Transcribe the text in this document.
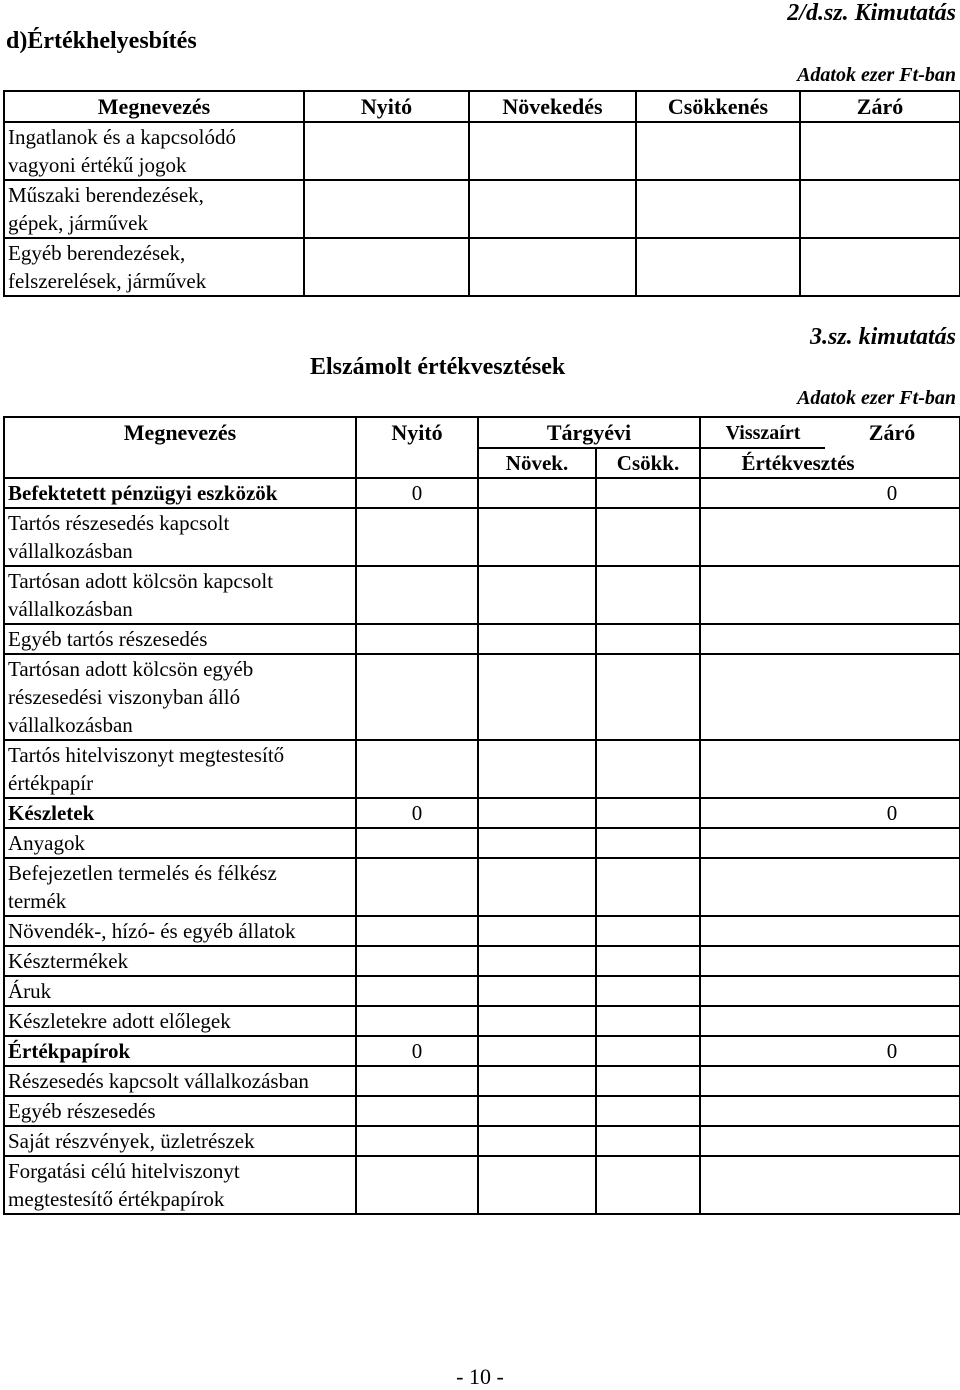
d)Értékhelyesbítés
2/d.sz. Kimutatás
Adatok ezer Ft-ban
Megnevezés	Nyitó	Növekedés	Csökkenés	Záró
Ingatlanok és a kapcsolódó
vagyoni értékű jogok				
Műszaki berendezések,
gépek, járművek				
Egyéb berendezések,
felszerelések, járművek				
3.sz. kimutatás
Elszámolt értékvesztések
Adatok ezer Ft-ban
Megnevezés	Nyitó	Tárgyévi		Visszaírt	Záró
		Növek.	Csökk.	Értékvesztés	
Befektetett pénzügyi eszközök	0				0
Tartós részesedés kapcsolt
vállalkozásban					
Tartósan adott kölcsön kapcsolt
vállalkozásban					
Egyéb tartós részesedés					
Tartósan adott kölcsön egyéb
részesedési viszonyban álló
vállalkozásban					
Tartós hitelviszonyt megtestesítő
értékpapír					
Készletek	0				0
Anyagok					
Befejezetlen termelés és félkész
termék					
Növendék-, hízó- és egyéb állatok					
Késztermékek					
Áruk					
Készletekre adott előlegek					
Értékpapírok	0				0
Részesedés kapcsolt vállalkozásban					
Egyéb részesedés					
Saját részvények, üzletrészek					
Forgatási célú hitelviszonyt
megtestesítő értékpapírok					
- 10 -
